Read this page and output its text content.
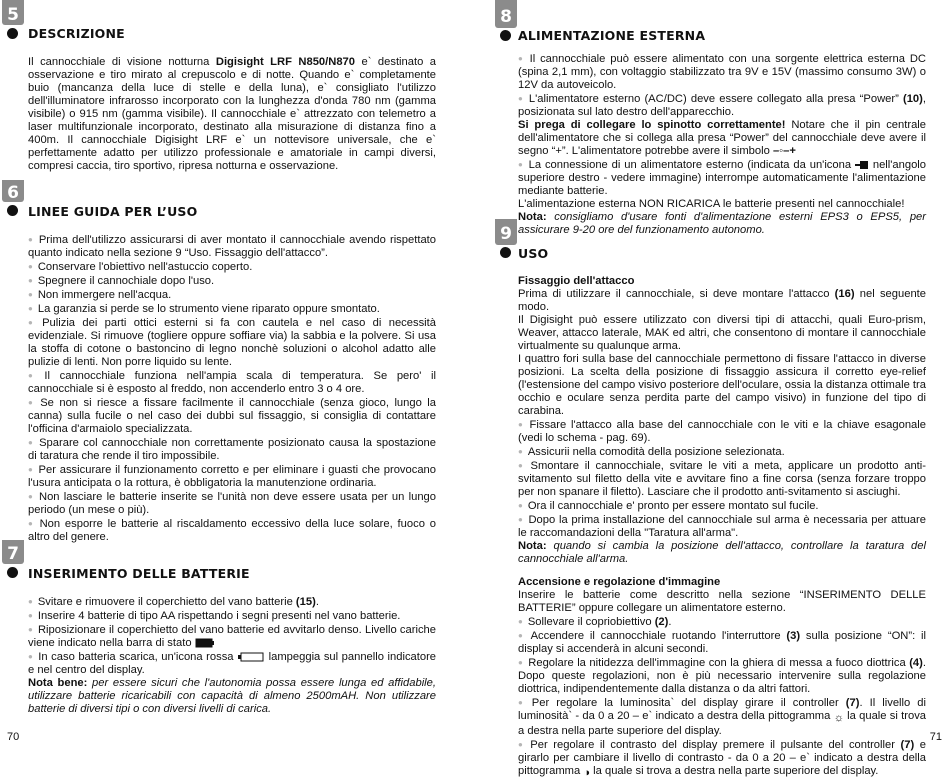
5
DESCRIZIONE

Il cannocchiale di visione notturna Digisight LRF N850/N870 e` destinato a osservazione e tiro mirato al crepuscolo e di notte. Quando e` completamente buio (mancanza della luce di stelle e della luna), e` consigliato l'utilizzo dell'illuminatore infrarosso incorporato con la lunghezza d'onda 780 nm (gamma visibile) o 915 nm (gamma visibile). Il cannocchiale e` attrezzato con telemetro a laser multifunzionale incorporato, destinato alla misurazione di distanza fino a 400m. Il cannocchiale Digisight LRF e` un nottevisore universale, che e` perfettamente adatto per utilizzo professionale e amatoriale in campi diversi, compresi caccia, tiro sportivo, ripresa notturna e osservazione.

6
LINEE GUIDA PER L’USO

● Prima dell'utilizzo assicurarsi di aver montato il cannocchiale avendo rispettato quanto indicato nella sezione 9 “Uso. Fissaggio dell'attacco”.

● Conservare l'obiettivo nell'astuccio coperto.

● Spegnere il cannochiale dopo l'uso.

● Non immergere nell'acqua.

● La garanzia si perde se lo strumento viene riparato oppure smontato.

● Pulizia dei parti ottici esterni si fa con cautela e nel caso di necessità evidenziale. Si rimuove (togliere oppure soffiare via) la sabbia e la polvere. Si usa la stoffa di cotone o bastoncino di legno nonchè soluzioni o alcohol adatto alle pulizie di lenti. Non porre liquido su lente.

● Il cannocchiale funziona nell'ampia scala di temperatura. Se pero' il cannocchiale si è esposto al freddo, non accenderlo entro 3 o 4 ore.

● Se non si riesce a fissare facilmente il cannocchiale (senza gioco, lungo la canna) sulla fucile o nel caso dei dubbi sul fissaggio, si consiglia di contattare l'officina d'armaiolo specializzata.

● Sparare col cannocchiale non correttamente posizionato causa la spostazione di taratura che rende il tiro impossibile.

● Per assicurare il funzionamento corretto e per eliminare i guasti che provocano l'usura anticipata o la rottura, è obbligatoria la manutenzione ordinaria.

● Non lasciare le batterie inserite se l'unità non deve essere usata per un lungo periodo (un mese o più).

● Non esporre le batterie al riscaldamento eccessivo della luce solare, fuoco o altro del genere.

7
INSERIMENTO DELLE BATTERIE

● Svitare e rimuovere il coperchietto del vano batterie (15).

● Inserire 4 batterie di tipo AA rispettando i segni presenti nel vano batterie.

● Riposizionare il coperchietto del vano batterie ed avvitarlo denso. Livello cariche viene indicato nella barra di stato

● In caso batteria scarica, un'icona rossa	lampeggia sul pannello indicatore e nel centro del display.

Nota bene: per essere sicuri che l'autonomia possa essere lunga ed affidabile, utilizzare batterie ricaricabili con capacità di almeno 2500mAH. Non utilizzare batterie di diversi tipi o con diversi livelli di carica.

70
8
ALIMENTAZIONE ESTERNA

● Il cannocchiale può essere alimentato con una sorgente elettrica esterna DC (spina 2,1 mm), con voltaggio stabilizzato tra 9V e 15V (massimo consumo 3W) o 12V da autoveicolo.

● L'alimentatore esterno (AC/DC) deve essere collegato alla presa “Power” (10), posizionata sul lato destro dell'apparecchio.

Si prega di collegare lo spinotto correttamente! Notare che il pin centrale dell'alimentatore che si collega alla presa “Power” del cannocchiale deve avere il segno “+”. L'alimentatore potrebbe avere il simbolo –◦–+

● La connessione di un alimentatore esterno (indicata da un'icona nell'angolo superiore destro - vedere immagine) interrompe automaticamente l'alimentazione mediante batterie.

L'alimentazione esterna NON RICARICA le batterie presenti nel cannocchiale!

Nota: consigliamo d'usare fonti d'alimentazione esterni EPS3 o EPS5, per assicurare 9-20 ore del funzionamento autonomo.

9
USO

Fissaggio dell'attacco

Prima di utilizzare il cannocchiale, si deve montare l'attacco (16) nel seguente modo.

Il Digisight può essere utilizzato con diversi tipi di attacchi, quali Euro-prism, Weaver, attacco laterale, MAK ed altri, che consentono di montare il cannocchiale virtualmente su qualunque arma.

I quattro fori sulla base del cannocchiale permettono di fissare l'attacco in diverse posizioni. La scelta della posizione di fissaggio assicura il corretto eye-relief (l'estensione del campo visivo posteriore dell'oculare, ossia la distanza ottimale tra occhio e oculare senza perdita parte del campo visivo) in funzione del tipo di carabina.

● Fissare l'attacco alla base del cannocchiale con le viti e la chiave esagonale (vedi lo schema - pag. 69).

● Assicurii nella comodità della posizione selezionata.

● Smontare il cannocchiale, svitare le viti a meta, applicare un prodotto anti-svitamento sul filetto della vite e avvitare fino a fine corsa (senza forzare troppo per non spanare il filetto). Lasciare che il prodotto anti-svitamento si asciughi.

● Ora il cannocchiale e' pronto per essere montato sul fucile.

● Dopo la prima installazione del cannocchiale sul arma è necessaria per attuare le raccomandazioni della "Taratura all'arma".

Nota: quando si cambia la posizione dell'attacco, controllare la taratura del cannocchiale all'arma.

Accensione e regolazione d'immagine

Inserire le batterie come descritto nella sezione “INSERIMENTO DELLE BATTERIE” oppure collegare un alimentatore esterno.

● Sollevare il copriobiettivo (2).

● Accendere il cannocchiale ruotando l'interruttore (3) sulla posizione “ON”: il display si accenderà in alcuni secondi.

● Regolare la nitidezza dell'immagine con la ghiera di messa a fuoco diottrica (4). Dopo queste regolazioni, non è più necessario intervenire sulla regolazione diottrica, indipendentemente dalla distanza o da altri fattori.

● Per regolare la luminosita` del display girare il controller (7). Il livello di luminosità` - da 0 a 20 – e` indicato a destra della pittogramma ☼ la quale si trova a destra nella parte superiore del display.

● Per regolare il contrasto del display premere il pulsante del controller (7) e girarlo per cambiare il livello di contrasto - da 0 a 20 – e` indicato a destra della pittogramma ◑ la quale si trova a destra nella parte superiore del display.

71
